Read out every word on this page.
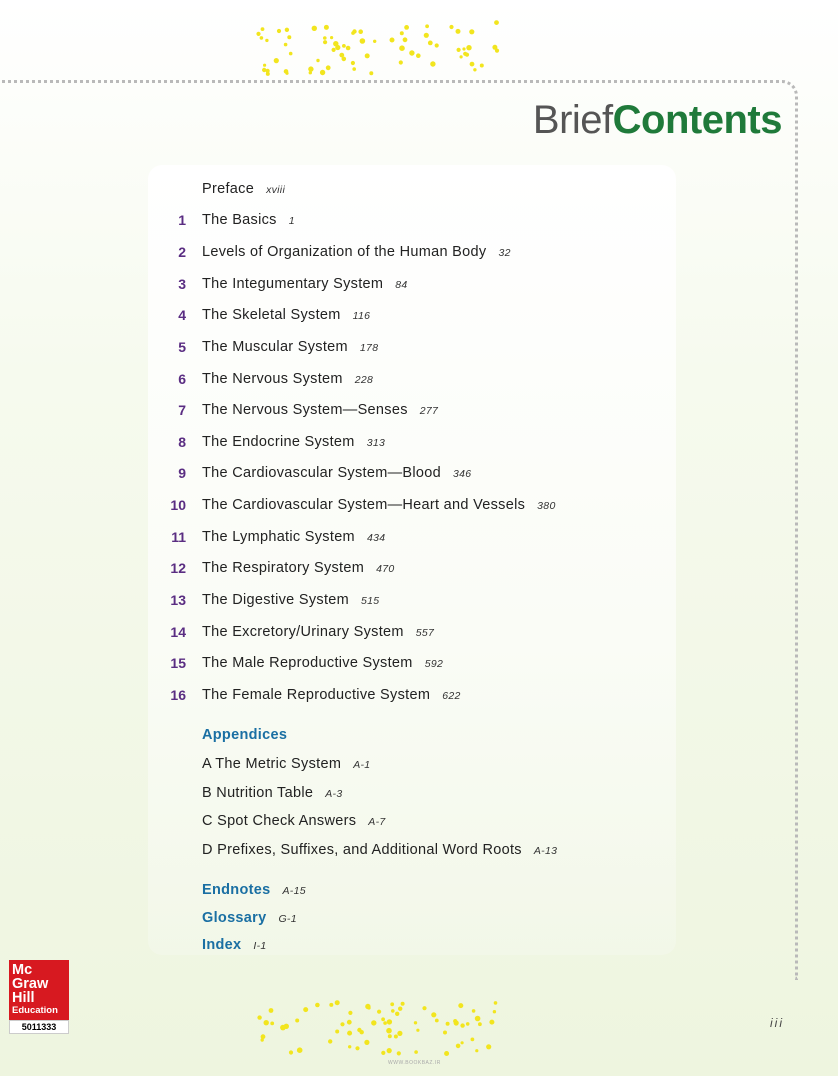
BriefContents
Preface xviii
1 The Basics 1
2 Levels of Organization of the Human Body 32
3 The Integumentary System 84
4 The Skeletal System 116
5 The Muscular System 178
6 The Nervous System 228
7 The Nervous System—Senses 277
8 The Endocrine System 313
9 The Cardiovascular System—Blood 346
10 The Cardiovascular System—Heart and Vessels 380
11 The Lymphatic System 434
12 The Respiratory System 470
13 The Digestive System 515
14 The Excretory/Urinary System 557
15 The Male Reproductive System 592
16 The Female Reproductive System 622
Appendices
A The Metric System A-1
B Nutrition Table A-3
C Spot Check Answers A-7
D Prefixes, Suffixes, and Additional Word Roots A-13
Endnotes A-15
Glossary G-1
Index I-1
Mc
Graw
Hill
Education
5011333	iii
WWW.BOOKBAZ.IR
